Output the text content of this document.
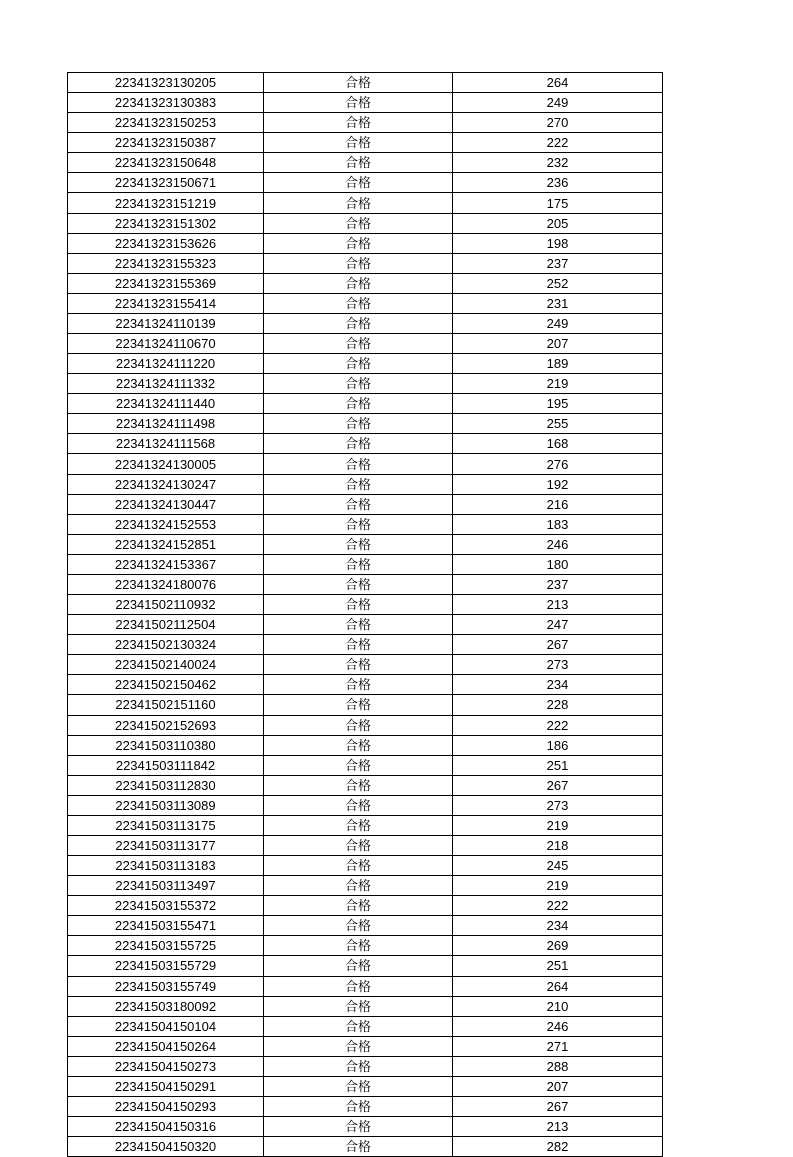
22341323130205	合格	264
22341323130383	合格	249
22341323150253	合格	270
22341323150387	合格	222
22341323150648	合格	232
22341323150671	合格	236
22341323151219	合格	175
22341323151302	合格	205
22341323153626	合格	198
22341323155323	合格	237
22341323155369	合格	252
22341323155414	合格	231
22341324110139	合格	249
22341324110670	合格	207
22341324111220	合格	189
22341324111332	合格	219
22341324111440	合格	195
22341324111498	合格	255
22341324111568	合格	168
22341324130005	合格	276
22341324130247	合格	192
22341324130447	合格	216
22341324152553	合格	183
22341324152851	合格	246
22341324153367	合格	180
22341324180076	合格	237
22341502110932	合格	213
22341502112504	合格	247
22341502130324	合格	267
22341502140024	合格	273
22341502150462	合格	234
22341502151160	合格	228
22341502152693	合格	222
22341503110380	合格	186
22341503111842	合格	251
22341503112830	合格	267
22341503113089	合格	273
22341503113175	合格	219
22341503113177	合格	218
22341503113183	合格	245
22341503113497	合格	219
22341503155372	合格	222
22341503155471	合格	234
22341503155725	合格	269
22341503155729	合格	251
22341503155749	合格	264
22341503180092	合格	210
22341504150104	合格	246
22341504150264	合格	271
22341504150273	合格	288
22341504150291	合格	207
22341504150293	合格	267
22341504150316	合格	213
22341504150320	合格	282
